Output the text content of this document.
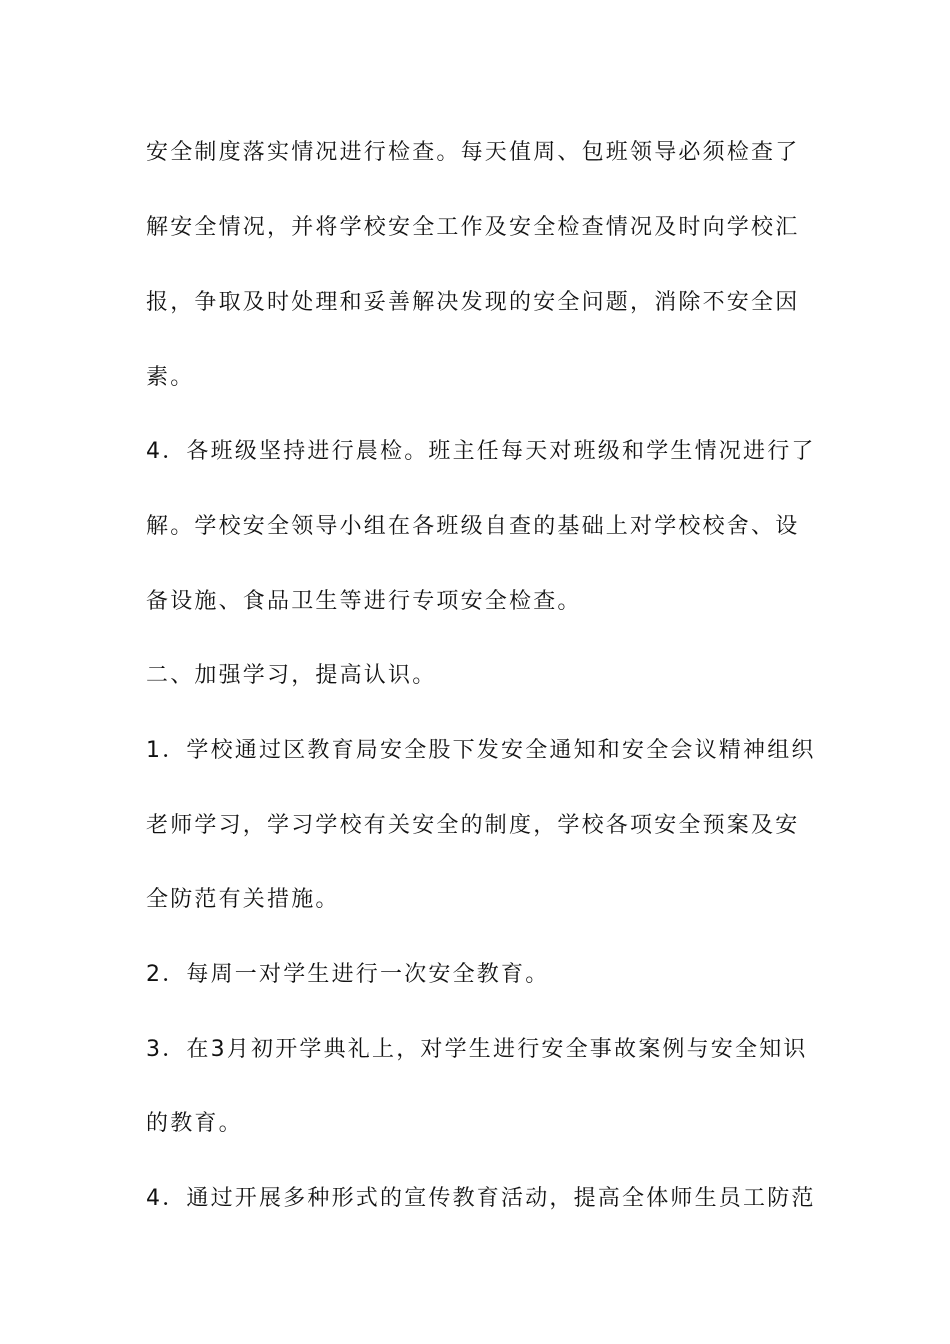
安全制度落实情况进行检查。每天值周、包班领导必须检查了
解安全情况，并将学校安全工作及安全检查情况及时向学校汇
报，争取及时处理和妥善解决发现的安全问题，消除不安全因
素。
4．各班级坚持进行晨检。班主任每天对班级和学生情况进行了
解。学校安全领导小组在各班级自查的基础上对学校校舍、设
备设施、食品卫生等进行专项安全检查。
二、加强学习，提高认识。
1．学校通过区教育局安全股下发安全通知和安全会议精神组织
老师学习，学习学校有关安全的制度，学校各项安全预案及安
全防范有关措施。
2．每周一对学生进行一次安全教育。
3．在3月初开学典礼上，对学生进行安全事故案例与安全知识
的教育。
4．通过开展多种形式的宣传教育活动，提高全体师生员工防范
